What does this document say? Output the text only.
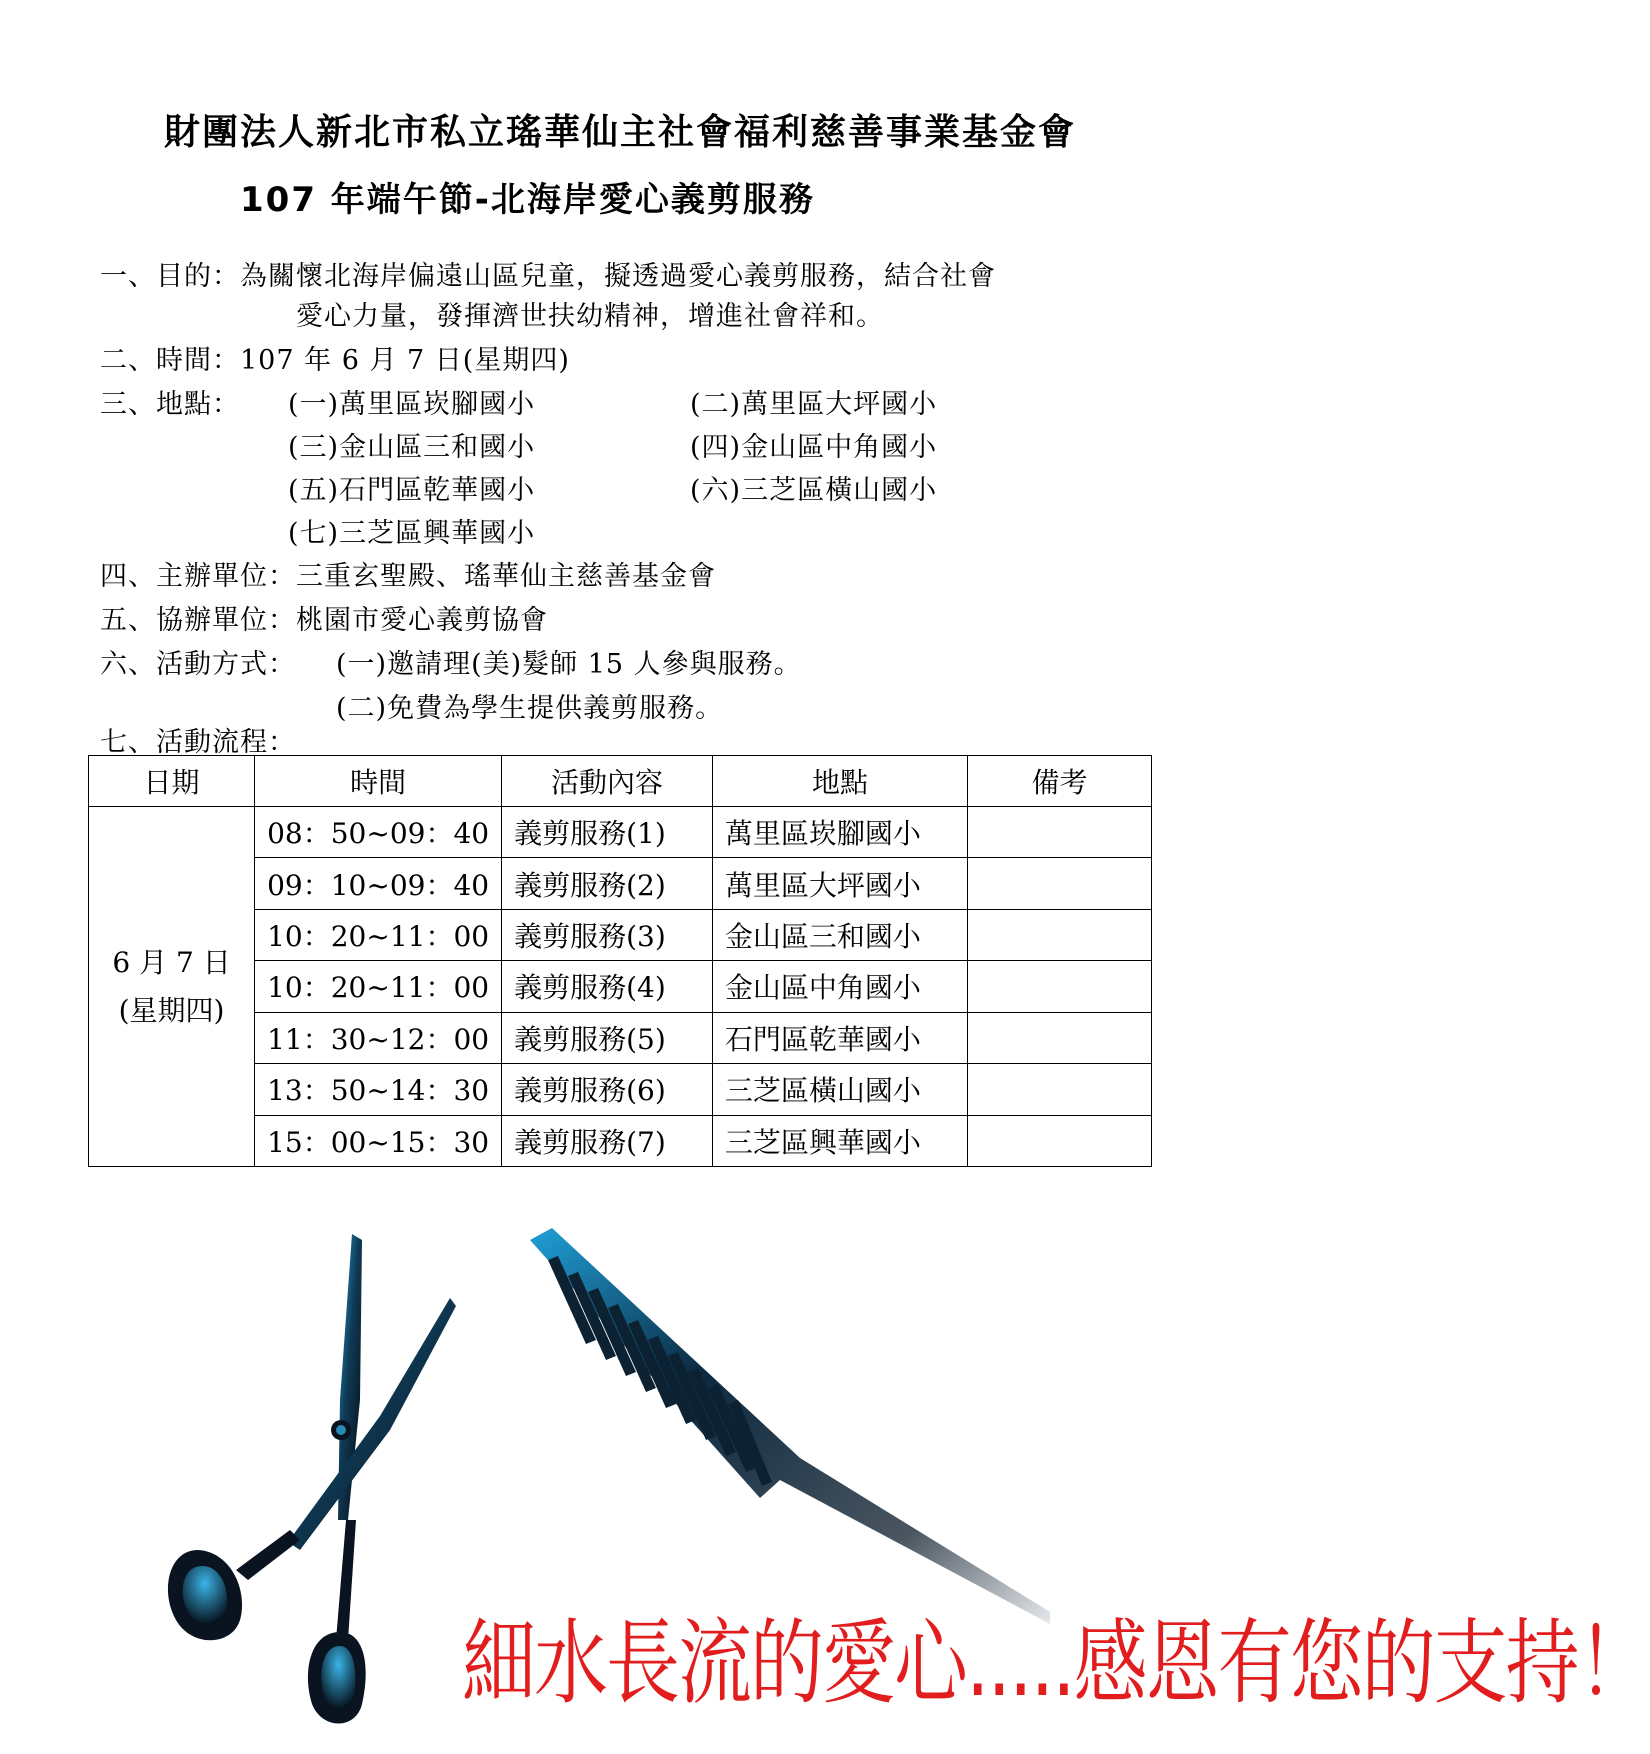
財團法人新北市私立瑤華仙主社會福利慈善事業基金會
107 年端午節-北海岸愛心義剪服務
一、目的：為關懷北海岸偏遠山區兒童，擬透過愛心義剪服務，結合社會
愛心力量，發揮濟世扶幼精神，增進社會祥和。
二、時間：107 年 6 月 7 日(星期四)
三、地點： (一)萬里區崁腳國小	(二)萬里區大坪國小
(三)金山區三和國小	(四)金山區中角國小
(五)石門區乾華國小	(六)三芝區橫山國小
(七)三芝區興華國小
四、主辦單位：三重玄聖殿、瑤華仙主慈善基金會
五、協辦單位：桃園市愛心義剪協會
六、活動方式： (一)邀請理(美)髮師 15 人參與服務。
(二)免費為學生提供義剪服務。
七、活動流程：
日期	時間	活動內容	地點	備考

6 月 7 日
(星期四)	08：50~09：40	義剪服務(1)	萬里區崁腳國小	
	09：10~09：40	義剪服務(2)	萬里區大坪國小	
	10：20~11：00	義剪服務(3)	金山區三和國小	
	10：20~11：00	義剪服務(4)	金山區中角國小	
	11：30~12：00	義剪服務(5)	石門區乾華國小	
	13：50~14：30	義剪服務(6)	三芝區橫山國小	
	15：00~15：30	義剪服務(7)	三芝區興華國小	
細水長流的愛心.....感恩有您的支持！
